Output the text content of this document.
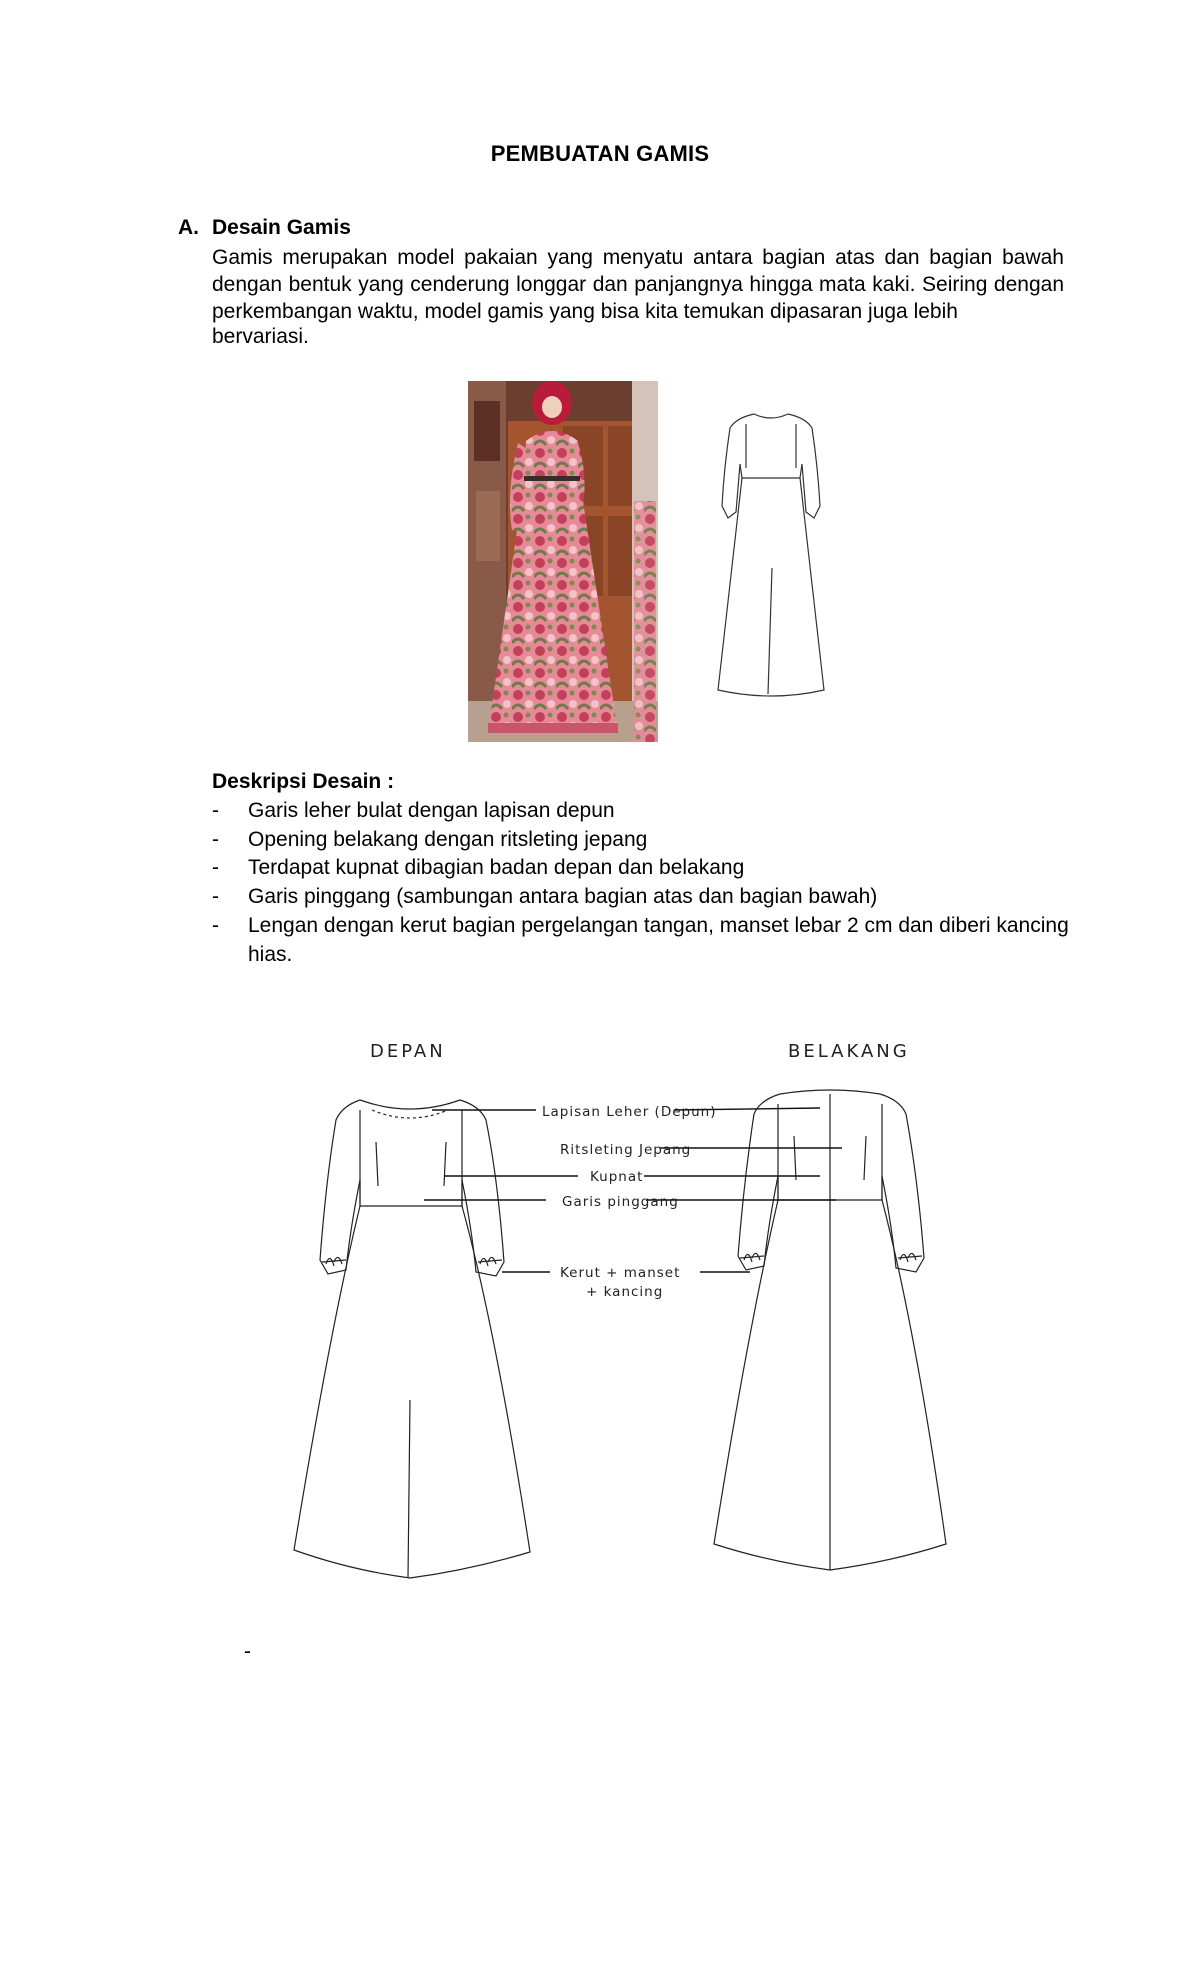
PEMBUATAN GAMIS
A. Desain Gamis
Gamis merupakan model pakaian yang menyatu antara bagian atas dan bagian bawah dengan bentuk yang cenderung longgar dan panjangnya hingga mata kaki. Seiring dengan perkembangan waktu, model gamis yang bisa kita temukan dipasaran juga lebih
bervariasi.
Deskripsi Desain :
- Garis leher bulat dengan lapisan depun
- Opening belakang dengan ritsleting jepang
- Terdapat kupnat dibagian badan depan dan belakang
- Garis pinggang (sambungan antara bagian atas dan bagian bawah)
- Lengan dengan kerut bagian pergelangan tangan, manset lebar 2 cm dan diberi kancing hias.
DEPAN	BELAKANG
Lapisan Leher (Depun)
Ritsleting Jepang
Kupnat
Garis pinggang
Kerut + manset
+ kancing
-
